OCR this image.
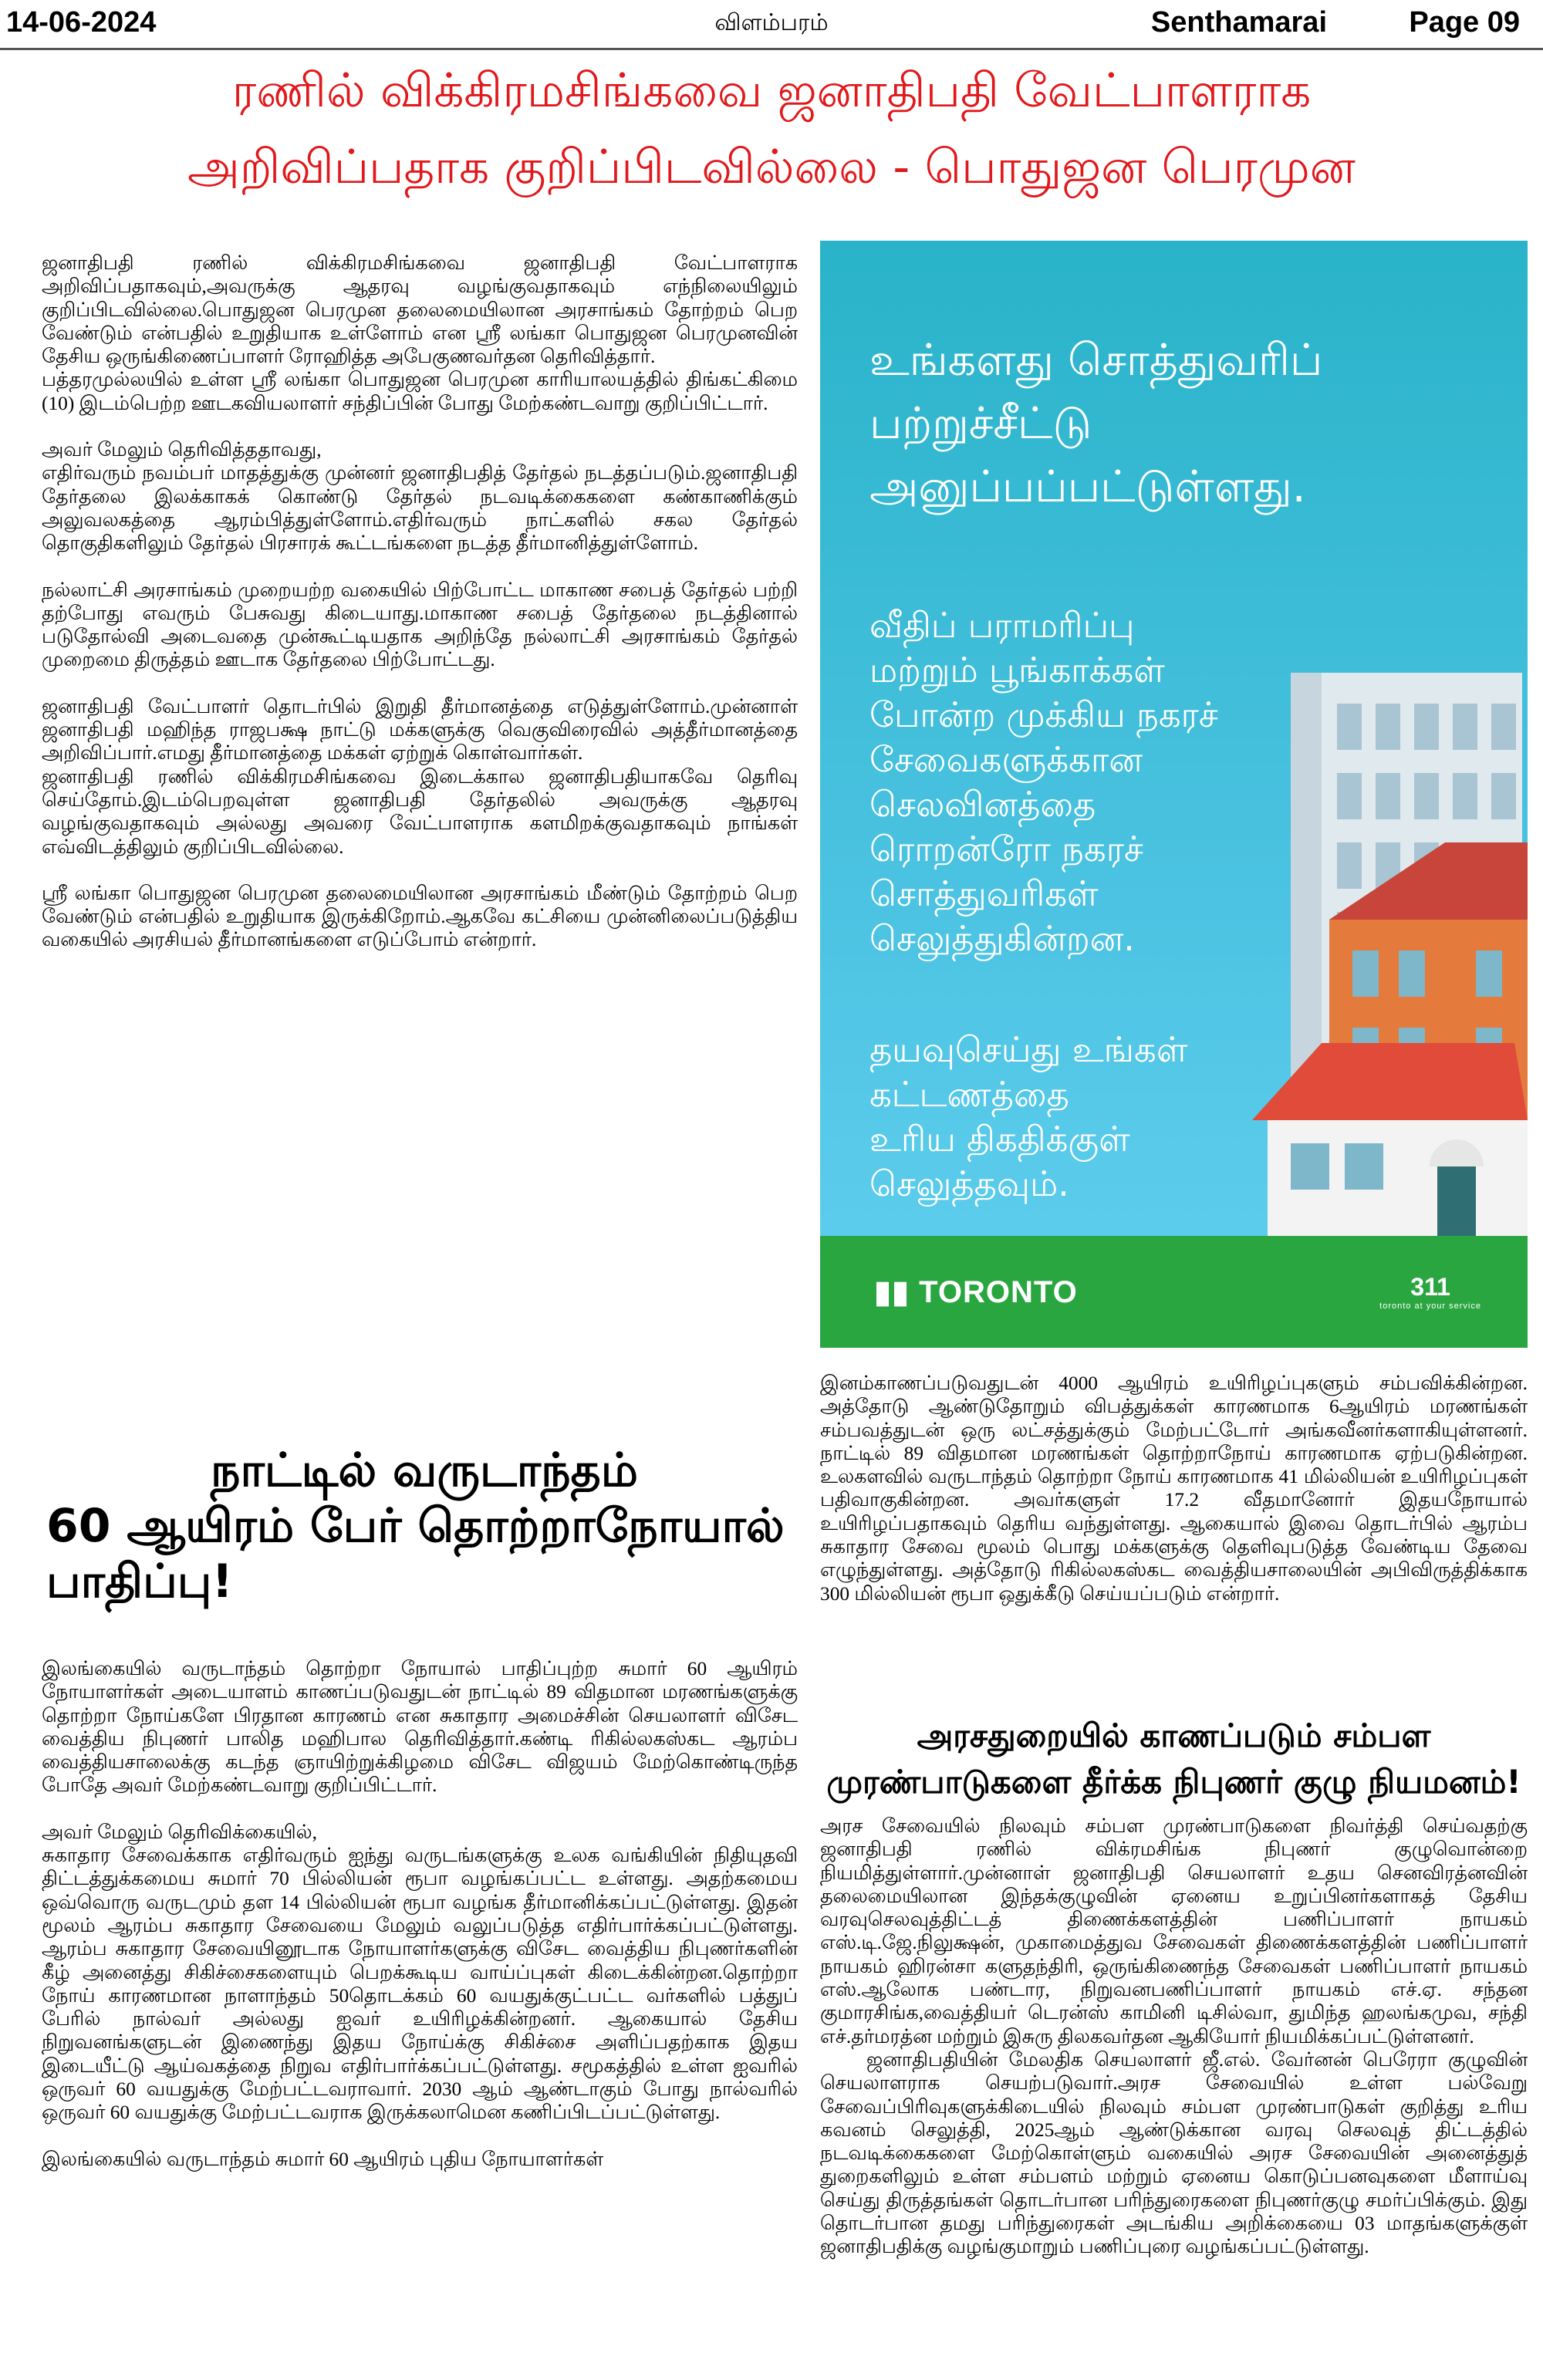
14-06-2024	விளம்பரம்	Senthamarai	Page 09
ரணில் விக்கிரமசிங்கவை ஜனாதிபதி வேட்பாளராக
அறிவிப்பதாக குறிப்பிடவில்லை - பொதுஜன பெரமுன

ஜனாதிபதி ரணில் விக்கிரமசிங்கவை ஜனாதிபதி வேட்பாளராக அறிவிப்பதாகவும்,அவருக்கு ஆதரவு வழங்குவதாகவும் எந்நிலையிலும் குறிப்பிடவில்லை.பொதுஜன பெரமுன தலைமையிலான அரசாங்கம் தோற்றம் பெற வேண்டும் என்பதில் உறுதியாக உள்ளோம் என ஸ்ரீ லங்கா பொதுஜன பெரமுனவின் தேசிய ஒருங்கிணைப்பாளர் ரோஹித்த அபேகுணவர்தன தெரிவித்தார்.

பத்தரமுல்லயில் உள்ள ஸ்ரீ லங்கா பொதுஜன பெரமுன காரியாலயத்தில் திங்கட்கிமை (10) இடம்பெற்ற ஊடகவியலாளர் சந்திப்பின் போது மேற்கண்டவாறு குறிப்பிட்டார்.

அவர் மேலும் தெரிவித்ததாவது,

எதிர்வரும் நவம்பர் மாதத்துக்கு முன்னர் ஜனாதிபதித் தேர்தல் நடத்தப்படும்.ஜனாதிபதி தேர்தலை இலக்காகக் கொண்டு தேர்தல் நடவடிக்கைகளை கண்காணிக்கும் அலுவலகத்தை ஆரம்பித்துள்ளோம்.எதிர்வரும் நாட்களில் சகல தேர்தல் தொகுதிகளிலும் தேர்தல் பிரசாரக் கூட்டங்களை நடத்த தீர்மானித்துள்ளோம்.

நல்லாட்சி அரசாங்கம் முறையற்ற வகையில் பிற்போட்ட மாகாண சபைத் தேர்தல் பற்றி தற்போது எவரும் பேசுவது கிடையாது.மாகாண சபைத் தேர்தலை நடத்தினால் படுதோல்வி அடைவதை முன்கூட்டியதாக அறிந்தே நல்லாட்சி அரசாங்கம் தேர்தல் முறைமை திருத்தம் ஊடாக தேர்தலை பிற்போட்டது.

ஜனாதிபதி வேட்பாளர் தொடர்பில் இறுதி தீர்மானத்தை எடுத்துள்ளோம்.முன்னாள் ஜனாதிபதி மஹிந்த ராஜபக்ஷ நாட்டு மக்களுக்கு வெகுவிரைவில் அத்தீர்மானத்தை அறிவிப்பார்.எமது தீர்மானத்தை மக்கள் ஏற்றுக் கொள்வார்கள்.

ஜனாதிபதி ரணில் விக்கிரமசிங்கவை இடைக்கால ஜனாதிபதியாகவே தெரிவு செய்தோம்.இடம்பெறவுள்ள ஜனாதிபதி தேர்தலில் அவருக்கு ஆதரவு வழங்குவதாகவும் அல்லது அவரை வேட்பாளராக களமிறக்குவதாகவும் நாங்கள் எவ்விடத்திலும் குறிப்பிடவில்லை.

ஸ்ரீ லங்கா பொதுஜன பெரமுன தலைமையிலான அரசாங்கம் மீண்டும் தோற்றம் பெற வேண்டும் என்பதில் உறுதியாக இருக்கிறோம்.ஆகவே கட்சியை முன்னிலைப்படுத்திய வகையில் அரசியல் தீர்மானங்களை எடுப்போம் என்றார்.

நாட்டில் வருடாந்தம்
60 ஆயிரம் பேர் தொற்றாநோயால்
பாதிப்பு!

இலங்கையில் வருடாந்தம் தொற்றா நோயால் பாதிப்புற்ற சுமார் 60 ஆயிரம் நோயாளர்கள் அடையாளம் காணப்படுவதுடன் நாட்டில் 89 விதமான மரணங்களுக்கு தொற்றா நோய்களே பிரதான காரணம் என சுகாதார அமைச்சின் செயலாளர் விசேட வைத்திய நிபுணர் பாலித மஹிபால தெரிவித்தார்.கண்டி ரிகில்லகஸ்கட ஆரம்ப வைத்தியசாலைக்கு கடந்த ஞாயிற்றுக்கிழமை விசேட விஜயம் மேற்கொண்டிருந்த போதே அவர் மேற்கண்டவாறு குறிப்பிட்டார்.

அவர் மேலும் தெரிவிக்கையில்,

சுகாதார சேவைக்காக எதிர்வரும் ஐந்து வருடங்களுக்கு உலக வங்கியின் நிதியுதவி திட்டத்துக்கமைய சுமார் 70 பில்லியன் ரூபா வழங்கப்பட்ட உள்ளது. அதற்கமைய ஒவ்வொரு வருடமும் தள 14 பில்லியன் ரூபா வழங்க தீர்மானிக்கப்பட்டுள்ளது. இதன் மூலம் ஆரம்ப சுகாதார சேவையை மேலும் வலுப்படுத்த எதிர்பார்க்கப்பட்டுள்ளது. ஆரம்ப சுகாதார சேவையினூடாக நோயாளர்களுக்கு விசேட வைத்திய நிபுணர்களின் கீழ் அனைத்து சிகிச்சைகளையும் பெறக்கூடிய வாய்ப்புகள் கிடைக்கின்றன.தொற்றா நோய் காரணமான நாளாந்தம் 50தொடக்கம் 60 வயதுக்குட்பட்ட வர்களில் பத்துப் பேரில் நால்வர் அல்லது ஐவர் உயிரிழக்கின்றனர். ஆகையால் தேசிய நிறுவனங்களுடன் இணைந்து இதய நோய்க்கு சிகிச்சை அளிப்பதற்காக இதய இடையீட்டு ஆய்வகத்தை நிறுவ எதிர்பார்க்கப்பட்டுள்ளது. சமூகத்தில் உள்ள ஐவரில் ஒருவர் 60 வயதுக்கு மேற்பட்டவராவார். 2030 ஆம் ஆண்டாகும் போது நால்வரில் ஒருவர் 60 வயதுக்கு மேற்பட்டவராக இருக்கலாமென கணிப்பிடப்பட்டுள்ளது.

இலங்கையில் வருடாந்தம் சுமார் 60 ஆயிரம் புதிய நோயாளர்கள்

உங்களது சொத்துவரிப்
பற்றுச்சீட்டு
அனுப்பப்பட்டுள்ளது.
வீதிப் பராமரிப்பு
மற்றும் பூங்காக்கள்
போன்ற முக்கிய நகரச்
சேவைகளுக்கான
செலவினத்தை
ரொறன்ரோ நகரச்
சொத்துவரிகள்
செலுத்துகின்றன.
தயவுசெய்து உங்கள்
கட்டணத்தை
உரிய திகதிக்குள்
செலுத்தவும்.
▮▮ TORONTO	311
toronto at your service

இனம்காணப்படுவதுடன் 4000 ஆயிரம் உயிரிழப்புகளும் சம்பவிக்கின்றன. அத்தோடு ஆண்டுதோறும் விபத்துக்கள் காரணமாக 6ஆயிரம் மரணங்கள் சம்பவத்துடன் ஒரு லட்சத்துக்கும் மேற்பட்டோர் அங்கவீனர்களாகியுள்ளனர். நாட்டில் 89 விதமான மரணங்கள் தொற்றாநோய் காரணமாக ஏற்படுகின்றன. உலகளவில் வருடாந்தம் தொற்றா நோய் காரணமாக 41 மில்லியன் உயிரிழப்புகள் பதிவாகுகின்றன. அவர்களுள் 17.2 வீதமானோர் இதயநோயால் உயிரிழப்பதாகவும் தெரிய வந்துள்ளது. ஆகையால் இவை தொடர்பில் ஆரம்ப சுகாதார சேவை மூலம் பொது மக்களுக்கு தெளிவுபடுத்த வேண்டிய தேவை எழுந்துள்ளது. அத்தோடு ரிகில்லகஸ்கட வைத்தியசாலையின் அபிவிருத்திக்காக 300 மில்லியன் ரூபா ஒதுக்கீடு செய்யப்படும் என்றார்.

அரசதுறையில் காணப்படும் சம்பள
முரண்பாடுகளை தீர்க்க நிபுணர் குழு நியமனம்!

அரச சேவையில் நிலவும் சம்பள முரண்பாடுகளை நிவர்த்தி செய்வதற்கு ஜனாதிபதி ரணில் விக்ரமசிங்க நிபுணர் குழுவொன்றை நியமித்துள்ளார்.முன்னாள் ஜனாதிபதி செயலாளர் உதய செனவிரத்னவின் தலைமையிலான இந்தக்குழுவின் ஏனைய உறுப்பினர்களாகத் தேசிய வரவுசெலவுத்திட்டத் திணைக்களத்தின் பணிப்பாளர் நாயகம் எஸ்.டி.ஜே.நிலுக்ஷன், முகாமைத்துவ சேவைகள் திணைக்களத்தின் பணிப்பாளர் நாயகம் ஹிரன்சா களுதந்திரி, ஒருங்கிணைந்த சேவைகள் பணிப்பாளர் நாயகம் எஸ்.ஆலோக பண்டார, நிறுவனபணிப்பாளர் நாயகம் எச்.ஏ. சந்தன குமாரசிங்க,வைத்தியர் டெரன்ஸ் காமினி டிசில்வா, துமிந்த ஹலங்கமுவ, சந்தி எச்.தர்மரத்ன மற்றும் இசுரு திலகவர்தன ஆகியோர் நியமிக்கப்பட்டுள்ளனர்.

ஜனாதிபதியின் மேலதிக செயலாளர் ஜீ.எல். வேர்னன் பெரேரா குழுவின் செயலாளராக செயற்படுவார்.அரச சேவையில் உள்ள பல்வேறு சேவைப்பிரிவுகளுக்கிடையில் நிலவும் சம்பள முரண்பாடுகள் குறித்து உரிய கவனம் செலுத்தி, 2025ஆம் ஆண்டுக்கான வரவு செலவுத் திட்டத்தில் நடவடிக்கைகளை மேற்கொள்ளும் வகையில் அரச சேவையின் அனைத்துத் துறைகளிலும் உள்ள சம்பளம் மற்றும் ஏனைய கொடுப்பனவுகளை மீளாய்வு செய்து திருத்தங்கள் தொடர்பான பரிந்துரைகளை நிபுணர்குழு சமர்ப்பிக்கும். இது தொடர்பான தமது பரிந்துரைகள் அடங்கிய அறிக்கையை 03 மாதங்களுக்குள் ஜனாதிபதிக்கு வழங்குமாறும் பணிப்புரை வழங்கப்பட்டுள்ளது.
